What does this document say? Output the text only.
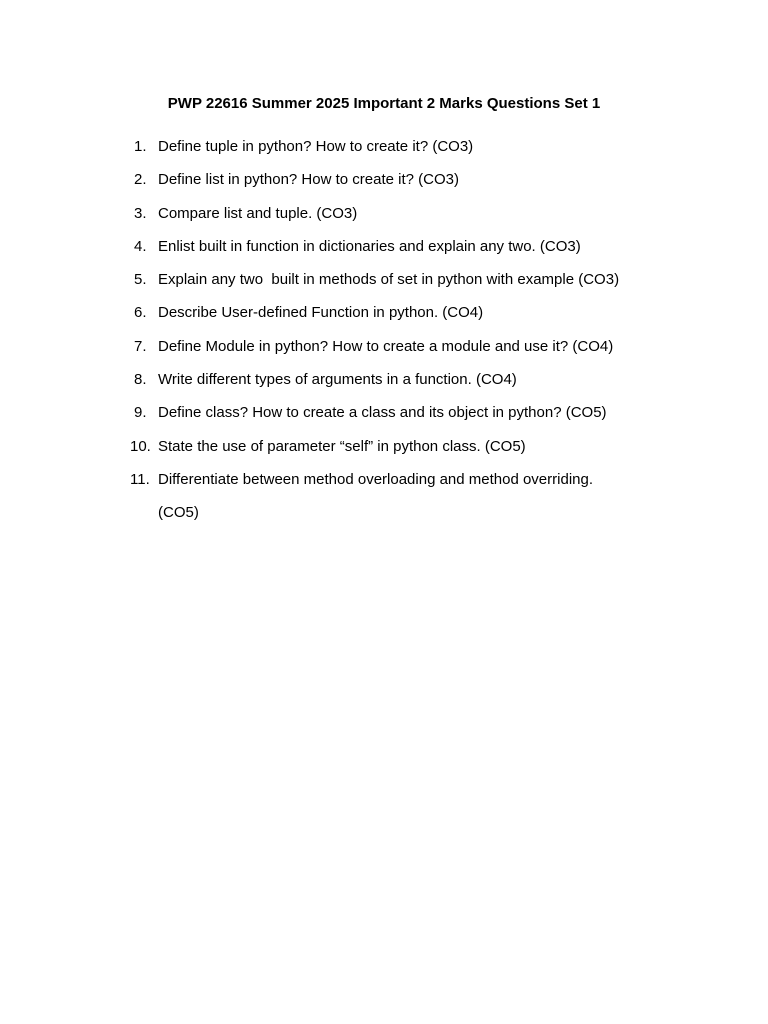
PWP 22616 Summer 2025 Important 2 Marks Questions Set 1
1. Define tuple in python? How to create it? (CO3)
2. Define list in python? How to create it? (CO3)
3. Compare list and tuple. (CO3)
4. Enlist built in function in dictionaries and explain any two. (CO3)
5. Explain any two  built in methods of set in python with example (CO3)
6. Describe User-defined Function in python. (CO4)
7. Define Module in python? How to create a module and use it? (CO4)
8. Write different types of arguments in a function. (CO4)
9. Define class? How to create a class and its object in python? (CO5)
10. State the use of parameter “self” in python class. (CO5)
11. Differentiate between method overloading and method overriding.
(CO5)
